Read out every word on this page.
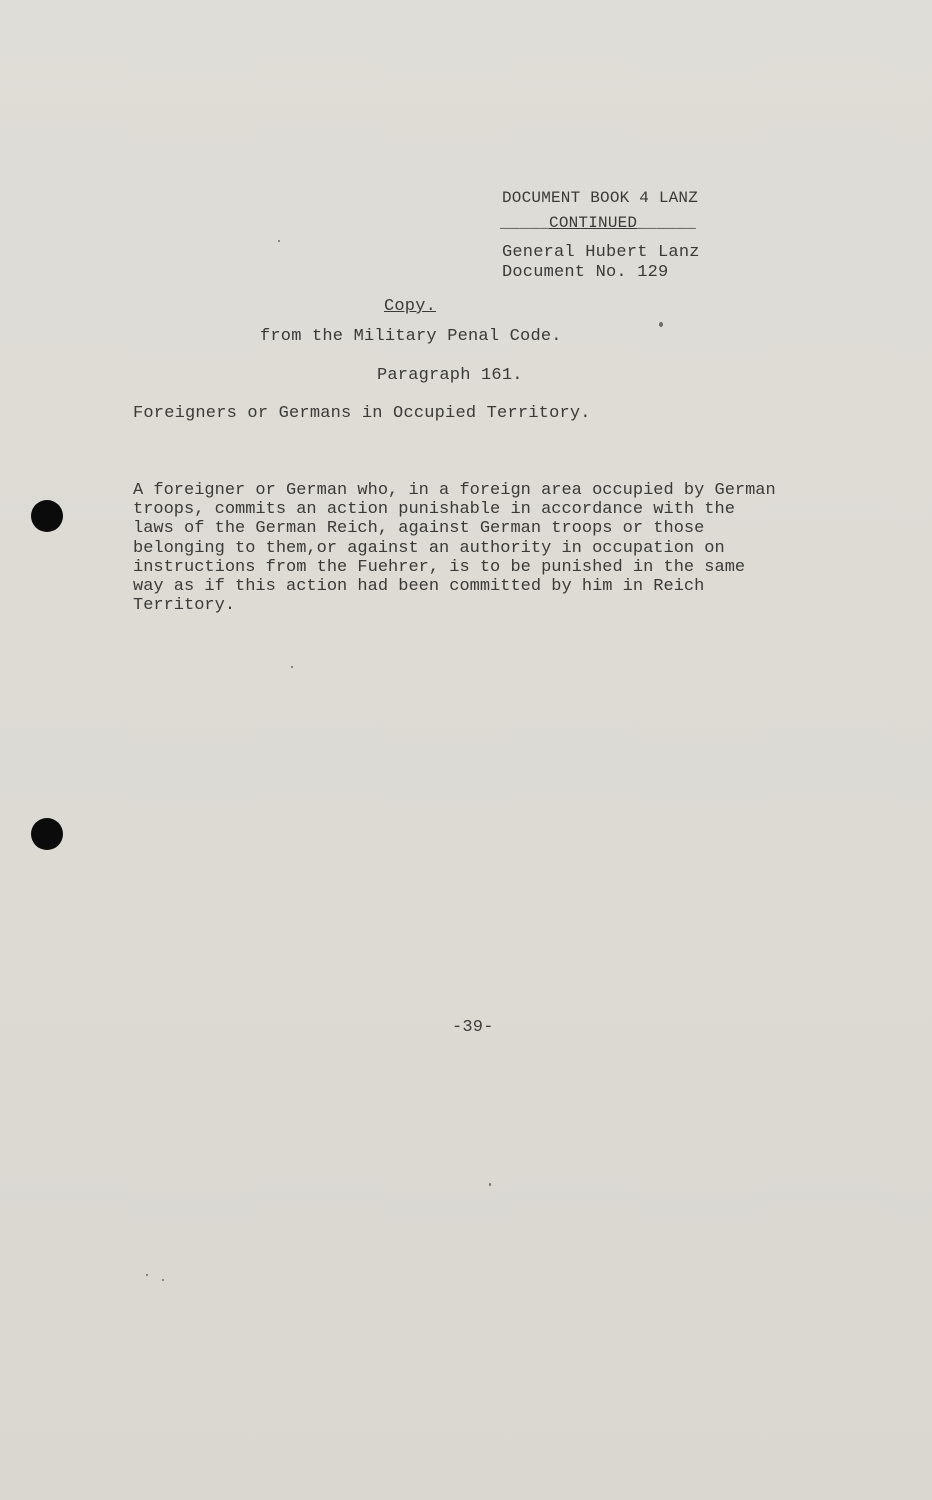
DOCUMENT BOOK 4 LANZ
_____CONTINUED______
General Hubert Lanz
Document No. 129
Copy.
from the Military Penal Code.
Paragraph 161.
Foreigners or Germans in Occupied Territory.
A foreigner or German who, in a foreign area occupied by German
troops, commits an action punishable in accordance with the
laws of the German Reich, against German troops or those
belonging to them,or against an authority in occupation on
instructions from the Fuehrer, is to be punished in the same
way as if this action had been committed by him in Reich
Territory.
-39-
